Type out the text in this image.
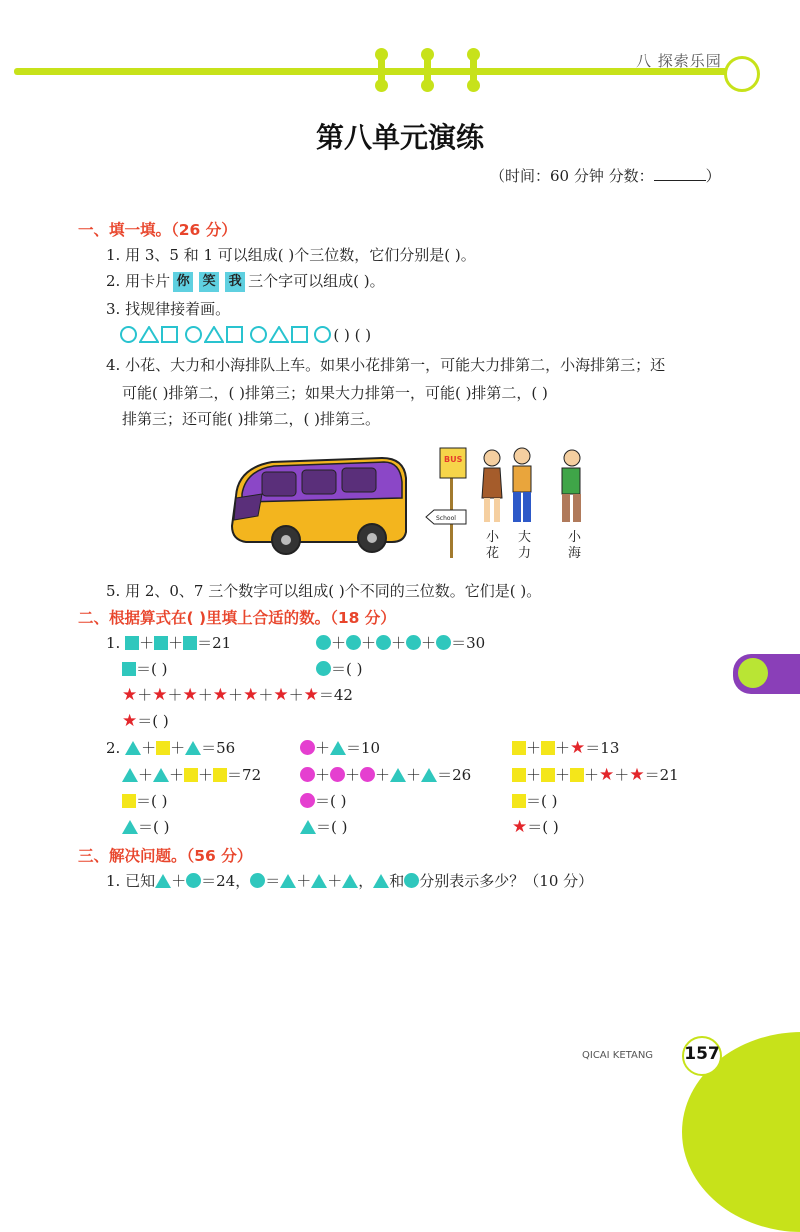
八 探索乐园
第八单元演练
（时间：60 分钟 分数：	）
一、填一填。（26 分）
1. 用 3、5 和 1 可以组成( )个三位数，它们分别是( )。
2. 用卡片 你 笑 我 三个字可以组成( )。
3. 找规律接着画。
( ) ( )
4. 小花、大力和小海排队上车。如果小花排第一，可能大力排第二，小海排第三；还
可能( )排第二，( )排第三；如果大力排第一，可能( )排第二，( )
排第三；还可能( )排第二，( )排第三。
BUS
School
小花
大力
小海
5. 用 2、0、7 三个数字可以组成( )个不同的三位数。它们是( )。
二、根据算式在( )里填上合适的数。（18 分）
1. ＋ ＋ ＝21	＋ ＋ ＋ ＋ ＝30
＝( )	＝( )
★＋★＋★＋★＋★＋★＋★＝42
★＝( )
2. ＋ ＋ ＝56	＋ ＝10	＋ ＋★＝13
＋ ＋ ＋ ＝72	＋ ＋ ＋ ＋ ＝26	＋ ＋ ＋★＋★＝21
＝( )	＝( )	＝( )
＝( )	＝( )	★＝( )
三、解决问题。（56 分）
1. 已知 ＋ ＝24， ＝ ＋ ＋ ， 和 分别表示多少？（10 分）
QICAI KETANG 157
